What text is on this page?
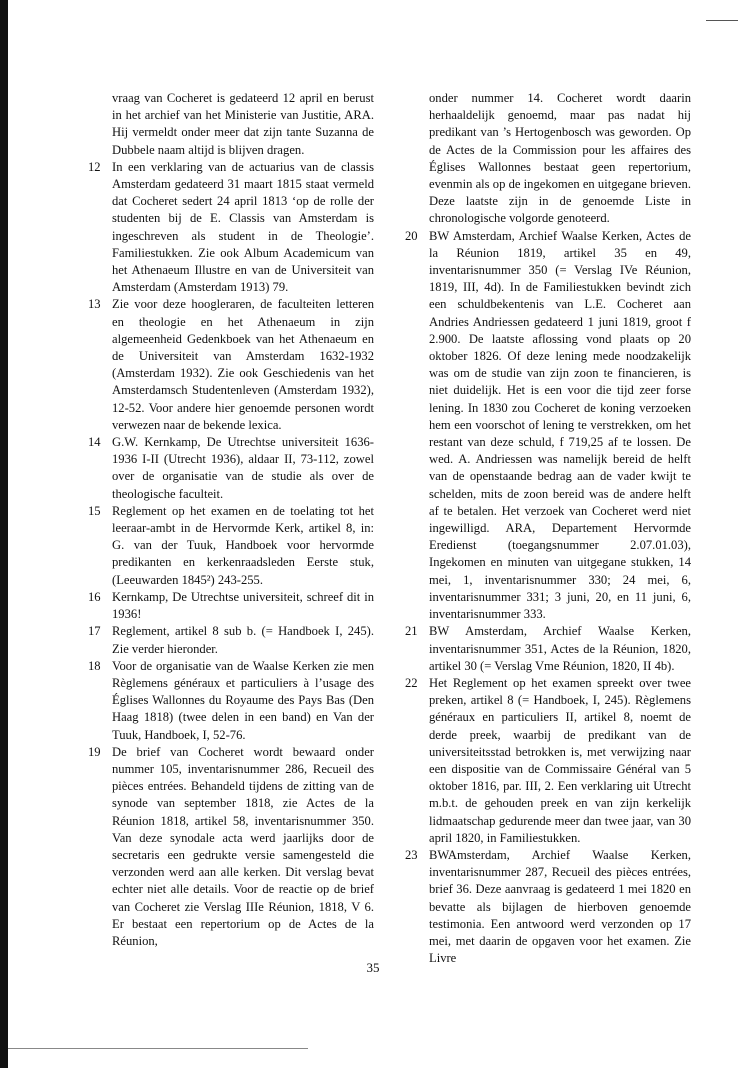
vraag van Cocheret is gedateerd 12 april en berust in het archief van het Ministerie van Justitie, ARA. Hij vermeldt onder meer dat zijn tante Suzanna de Dubbele naam altijd is blijven dragen.

12 In een verklaring van de actuarius van de classis Amsterdam gedateerd 31 maart 1815 staat vermeld dat Cocheret sedert 24 april 1813 ‘op de rolle der studenten bij de E. Classis van Amsterdam is ingeschreven als student in de Theologie’. Familiestukken. Zie ook Album Academicum van het Athenaeum Illustre en van de Universiteit van Amsterdam (Amsterdam 1913) 79.
13 Zie voor deze hoogleraren, de faculteiten letteren en theologie en het Athenaeum in zijn algemeenheid Gedenkboek van het Athenaeum en de Universiteit van Amsterdam 1632-1932 (Amsterdam 1932). Zie ook Geschiedenis van het Amsterdamsch Studentenleven (Amsterdam 1932), 12-52. Voor andere hier genoemde personen wordt verwezen naar de bekende lexica.
14 G.W. Kernkamp, De Utrechtse universiteit 1636-1936 I-II (Utrecht 1936), aldaar II, 73-112, zowel over de organisatie van de studie als over de theologische faculteit.
15 Reglement op het examen en de toelating tot het leeraar-ambt in de Hervormde Kerk, artikel 8, in: G. van der Tuuk, Handboek voor hervormde predikanten en kerkenraadsleden Eerste stuk, (Leeuwarden 1845²) 243-255.
16 Kernkamp, De Utrechtse universiteit, schreef dit in 1936!
17 Reglement, artikel 8 sub b. (= Handboek I, 245). Zie verder hieronder.
18 Voor de organisatie van de Waalse Kerken zie men Règlemens généraux et particuliers à l’usage des Églises Wallonnes du Royaume des Pays Bas (Den Haag 1818) (twee delen in een band) en Van der Tuuk, Handboek, I, 52-76.
19 De brief van Cocheret wordt bewaard onder nummer 105, inventarisnummer 286, Recueil des pièces entrées. Behandeld tijdens de zitting van de synode van september 1818, zie Actes de la Réunion 1818, artikel 58, inventarisnummer 350. Van deze synodale acta werd jaarlijks door de secretaris een gedrukte versie samengesteld die verzonden werd aan alle kerken. Dit verslag bevat echter niet alle details. Voor de reactie op de brief van Cocheret zie Verslag IIIe Réunion, 1818, V 6. Er bestaat een repertorium op de Actes de la Réunion,

onder nummer 14. Cocheret wordt daarin herhaaldelijk genoemd, maar pas nadat hij predikant van ’s Hertogenbosch was geworden. Op de Actes de la Commission pour les affaires des Églises Wallonnes bestaat geen repertorium, evenmin als op de ingekomen en uitgegane brieven. Deze laatste zijn in de genoemde Liste in chronologische volgorde genoteerd.

20 BW Amsterdam, Archief Waalse Kerken, Actes de la Réunion 1819, artikel 35 en 49, inventarisnummer 350 (= Verslag IVe Réunion, 1819, III, 4d). In de Familiestukken bevindt zich een schuldbekentenis van L.E. Cocheret aan Andries Andriessen gedateerd 1 juni 1819, groot f 2.900. De laatste aflossing vond plaats op 20 oktober 1826. Of deze lening mede noodzakelijk was om de studie van zijn zoon te financieren, is niet duidelijk. Het is een voor die tijd zeer forse lening. In 1830 zou Cocheret de koning verzoeken hem een voorschot of lening te verstrekken, om het restant van deze schuld, f 719,25 af te lossen. De wed. A. Andriessen was namelijk bereid de helft van de openstaande bedrag aan de vader kwijt te schelden, mits de zoon bereid was de andere helft af te betalen. Het verzoek van Cocheret werd niet ingewilligd. ARA, Departement Hervormde Eredienst (toegangsnummer 2.07.01.03), Ingekomen en minuten van uitgegane stukken, 14 mei, 1, inventarisnummer 330; 24 mei, 6, inventarisnummer 331; 3 juni, 20, en 11 juni, 6, inventarisnummer 333.
21 BW Amsterdam, Archief Waalse Kerken, inventarisnummer 351, Actes de la Réunion, 1820, artikel 30 (= Verslag Vme Réunion, 1820, II 4b).
22 Het Reglement op het examen spreekt over twee preken, artikel 8 (= Handboek, I, 245). Règlemens généraux en particuliers II, artikel 8, noemt de derde preek, waarbij de predikant van de universiteitsstad betrokken is, met verwijzing naar een dispositie van de Commissaire Général van 5 oktober 1816, par. III, 2. Een verklaring uit Utrecht m.b.t. de gehouden preek en van zijn kerkelijk lidmaatschap gedurende meer dan twee jaar, van 30 april 1820, in Familiestukken.
23 BWAmsterdam, Archief Waalse Kerken, inventarisnummer 287, Recueil des pièces entrées, brief 36. Deze aanvraag is gedateerd 1 mei 1820 en bevatte als bijlagen de hierboven genoemde testimonia. Een antwoord werd verzonden op 17 mei, met daarin de opgaven voor het examen. Zie Livre
35
